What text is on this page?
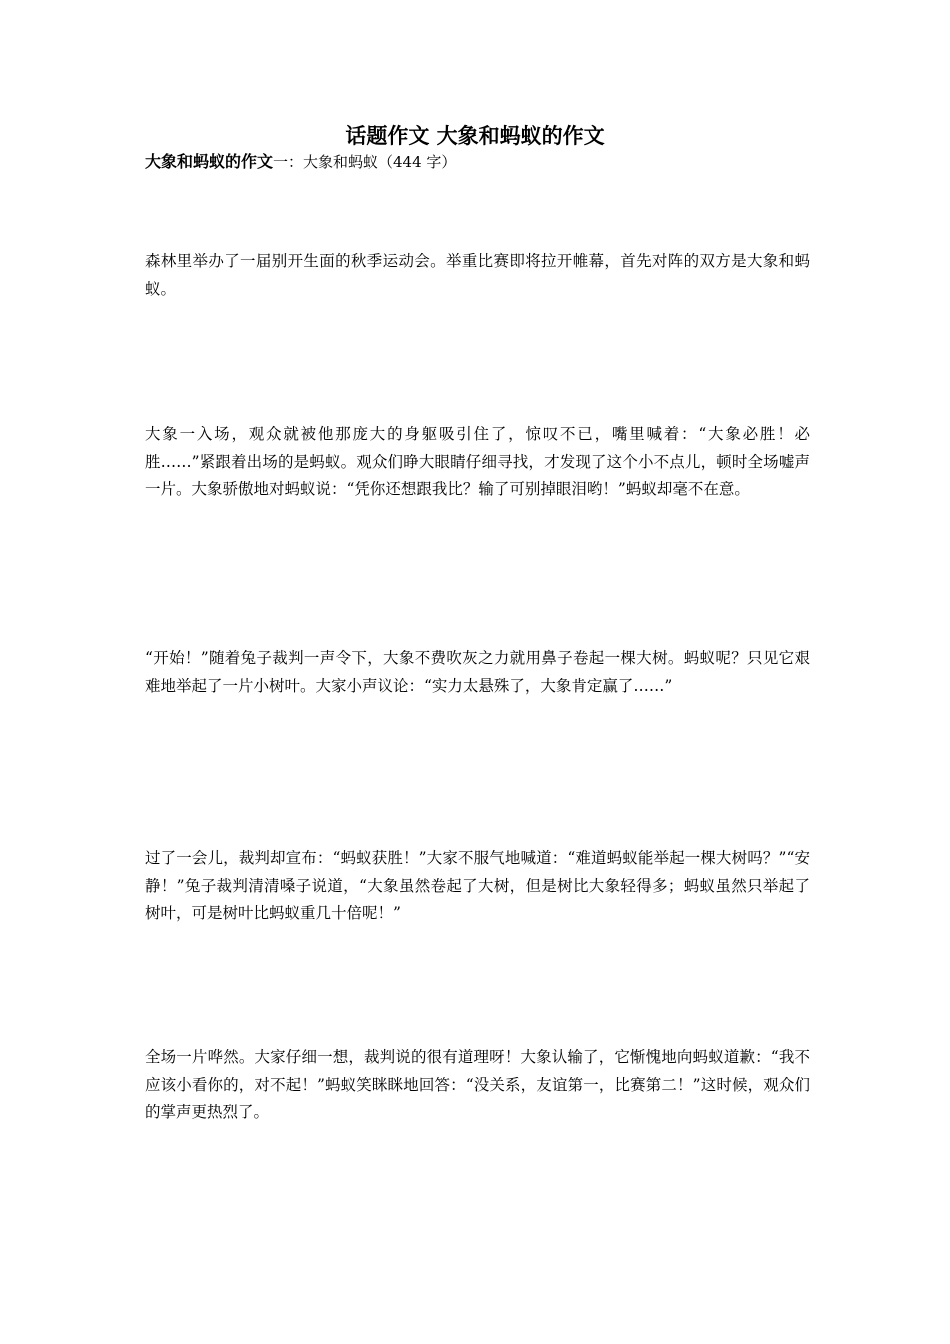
话题作文 大象和蚂蚁的作文
大象和蚂蚁的作文一：大象和蚂蚁（444 字）

森林里举办了一届别开生面的秋季运动会。举重比赛即将拉开帷幕，首先对阵的双方是大象和蚂蚁。

大象一入场，观众就被他那庞大的身躯吸引住了，惊叹不已，嘴里喊着：“大象必胜！必胜……”紧跟着出场的是蚂蚁。观众们睁大眼睛仔细寻找，才发现了这个小不点儿，顿时全场嘘声一片。大象骄傲地对蚂蚁说：“凭你还想跟我比？输了可别掉眼泪哟！”蚂蚁却毫不在意。

“开始！”随着兔子裁判一声令下，大象不费吹灰之力就用鼻子卷起一棵大树。蚂蚁呢？只见它艰难地举起了一片小树叶。大家小声议论：“实力太悬殊了，大象肯定赢了……”

过了一会儿，裁判却宣布：“蚂蚁获胜！”大家不服气地喊道：“难道蚂蚁能举起一棵大树吗？”“安静！”兔子裁判清清嗓子说道，“大象虽然卷起了大树，但是树比大象轻得多；蚂蚁虽然只举起了树叶，可是树叶比蚂蚁重几十倍呢！”

全场一片哗然。大家仔细一想，裁判说的很有道理呀！大象认输了，它惭愧地向蚂蚁道歉：“我不应该小看你的，对不起！”蚂蚁笑眯眯地回答：“没关系，友谊第一，比赛第二！”这时候，观众们的掌声更热烈了。
